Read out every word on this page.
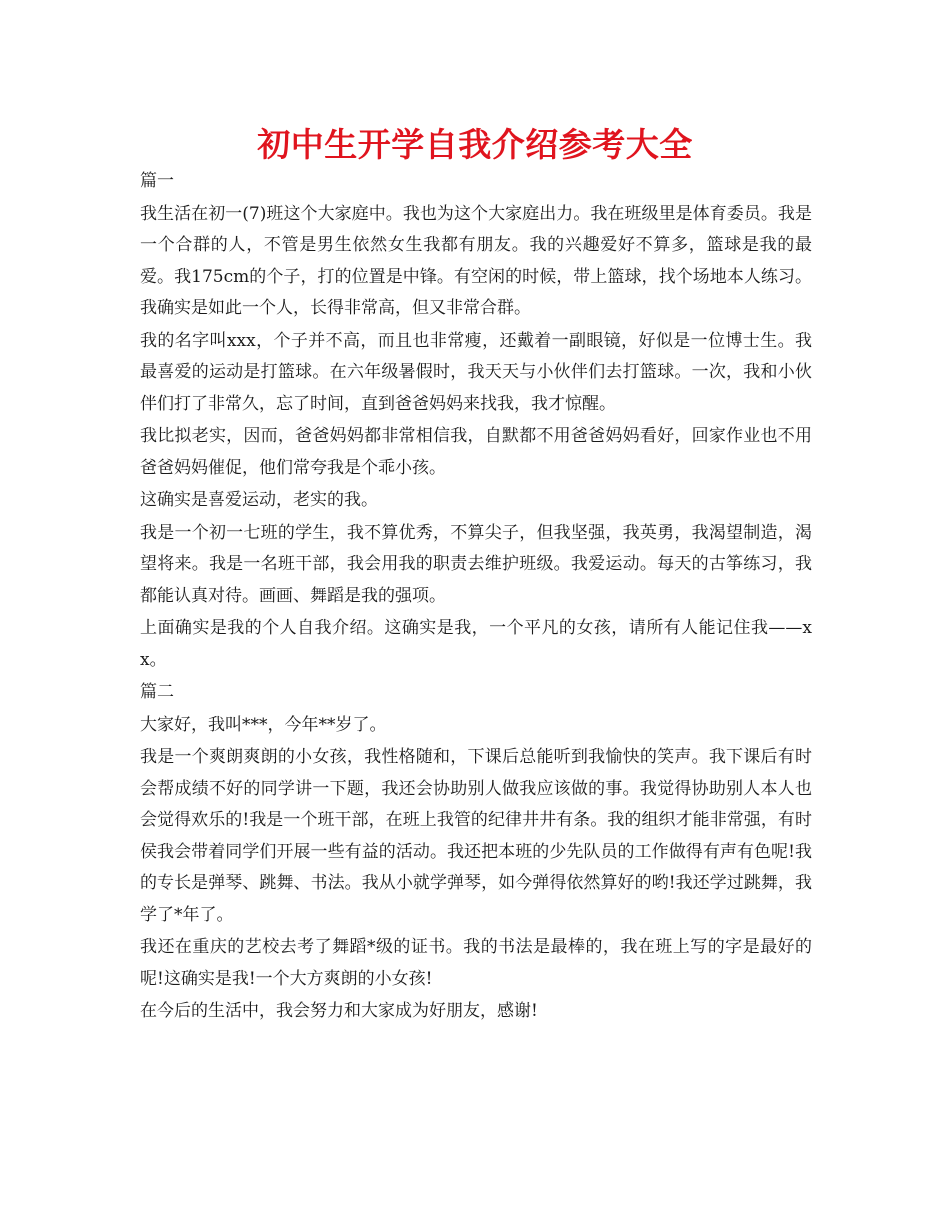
初中生开学自我介绍参考大全

篇一

我生活在初一(7)班这个大家庭中。我也为这个大家庭出力。我在班级里是体育委员。我是一个合群的人，不管是男生依然女生我都有朋友。我的兴趣爱好不算多，篮球是我的最爱。我175cm的个子，打的位置是中锋。有空闲的时候，带上篮球，找个场地本人练习。我确实是如此一个人，长得非常高，但又非常合群。

我的名字叫xxx，个子并不高，而且也非常瘦，还戴着一副眼镜，好似是一位博士生。我最喜爱的运动是打篮球。在六年级暑假时，我天天与小伙伴们去打篮球。一次，我和小伙伴们打了非常久，忘了时间，直到爸爸妈妈来找我，我才惊醒。

我比拟老实，因而，爸爸妈妈都非常相信我，自默都不用爸爸妈妈看好，回家作业也不用爸爸妈妈催促，他们常夸我是个乖小孩。

这确实是喜爱运动，老实的我。

我是一个初一七班的学生，我不算优秀，不算尖子，但我坚强，我英勇，我渴望制造，渴望将来。我是一名班干部，我会用我的职责去维护班级。我爱运动。每天的古筝练习，我都能认真对待。画画、舞蹈是我的强项。

上面确实是我的个人自我介绍。这确实是我，一个平凡的女孩，请所有人能记住我——xx。

篇二

大家好，我叫***，今年**岁了。

我是一个爽朗爽朗的小女孩，我性格随和，下课后总能听到我愉快的笑声。我下课后有时会帮成绩不好的同学讲一下题，我还会协助别人做我应该做的事。我觉得协助别人本人也会觉得欢乐的!我是一个班干部，在班上我管的纪律井井有条。我的组织才能非常强，有时侯我会带着同学们开展一些有益的活动。我还把本班的少先队员的工作做得有声有色呢!我的专长是弹琴、跳舞、书法。我从小就学弹琴，如今弹得依然算好的哟!我还学过跳舞，我学了*年了。

我还在重庆的艺校去考了舞蹈*级的证书。我的书法是最棒的，我在班上写的字是最好的呢!这确实是我!一个大方爽朗的小女孩!

在今后的生活中，我会努力和大家成为好朋友，感谢!
